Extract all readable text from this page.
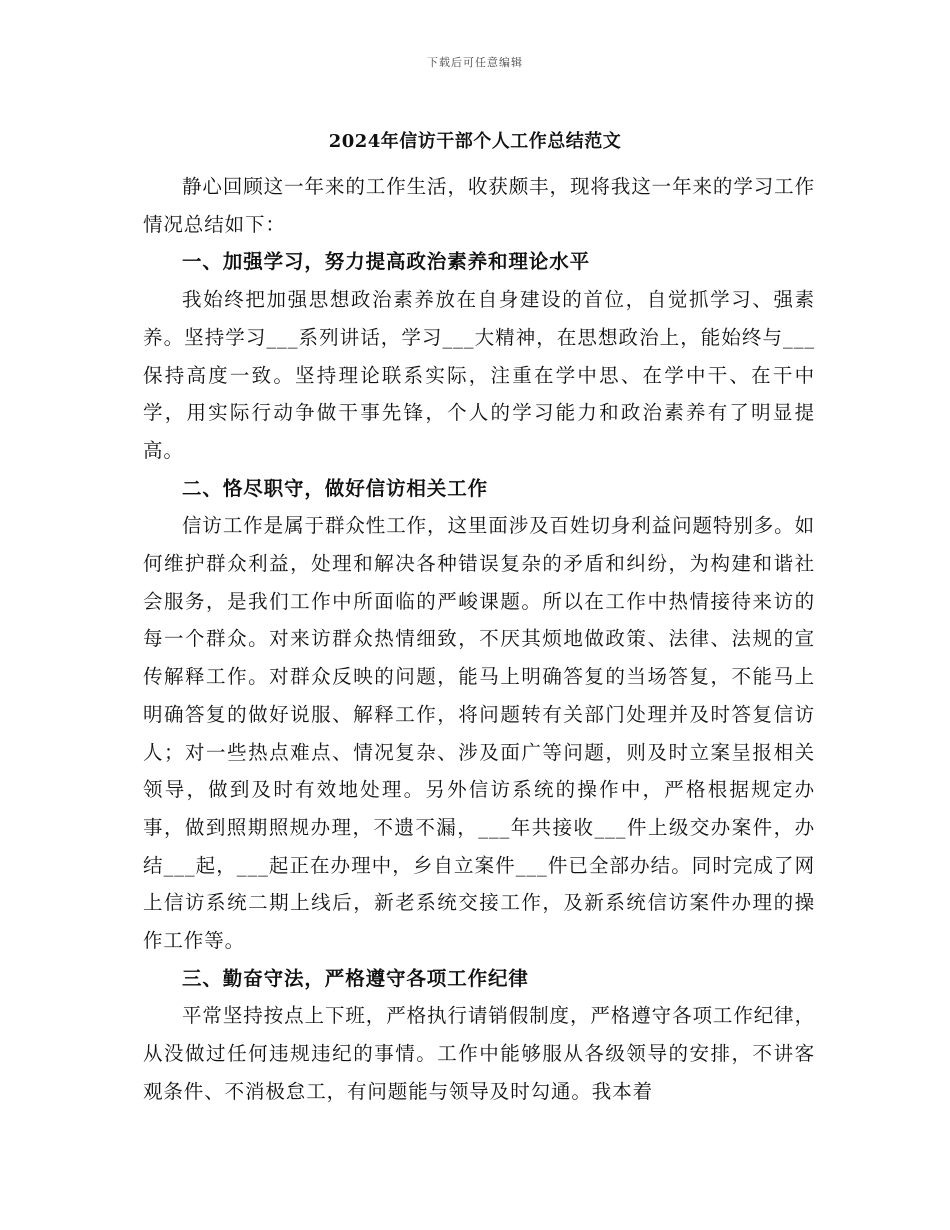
下载后可任意编辑
2024年信访干部个人工作总结范文

静心回顾这一年来的工作生活，收获颇丰，现将我这一年来的学习工作情况总结如下：

一、加强学习，努力提高政治素养和理论水平

我始终把加强思想政治素养放在自身建设的首位，自觉抓学习、强素养。坚持学习___系列讲话，学习___大精神，在思想政治上，能始终与___保持高度一致。坚持理论联系实际，注重在学中思、在学中干、在干中学，用实际行动争做干事先锋，个人的学习能力和政治素养有了明显提高。

二、恪尽职守，做好信访相关工作

信访工作是属于群众性工作，这里面涉及百姓切身利益问题特别多。如何维护群众利益，处理和解决各种错误复杂的矛盾和纠纷，为构建和谐社会服务，是我们工作中所面临的严峻课题。所以在工作中热情接待来访的每一个群众。对来访群众热情细致，不厌其烦地做政策、法律、法规的宣传解释工作。对群众反映的问题，能马上明确答复的当场答复，不能马上明确答复的做好说服、解释工作，将问题转有关部门处理并及时答复信访人；对一些热点难点、情况复杂、涉及面广等问题，则及时立案呈报相关领导，做到及时有效地处理。另外信访系统的操作中，严格根据规定办事，做到照期照规办理，不遗不漏，___年共接收___件上级交办案件，办结___起，___起正在办理中，乡自立案件___件已全部办结。同时完成了网上信访系统二期上线后，新老系统交接工作，及新系统信访案件办理的操作工作等。

三、勤奋守法，严格遵守各项工作纪律

平常坚持按点上下班，严格执行请销假制度，严格遵守各项工作纪律，从没做过任何违规违纪的事情。工作中能够服从各级领导的安排，不讲客观条件、不消极怠工，有问题能与领导及时勾通。我本着
